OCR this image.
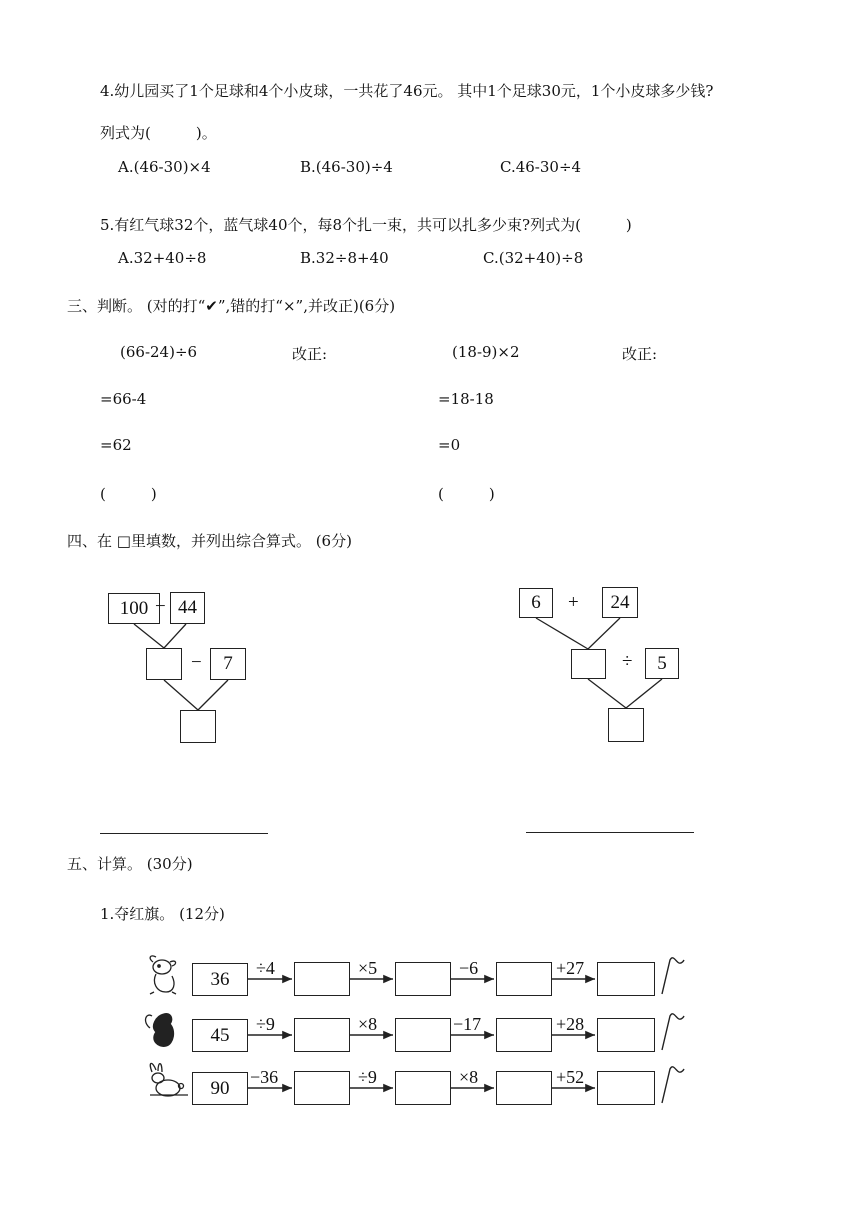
4.幼儿园买了1个足球和4个小皮球，一共花了46元。 其中1个足球30元，1个小皮球多少钱?
列式为(　　　)。
A.(46-30)×4	B.(46-30)÷4	C.46-30÷4
5.有红气球32个，蓝气球40个，每8个扎一束，共可以扎多少束?列式为(　　　)
A.32+40÷8	B.32÷8+40	C.(32+40)÷8
三、判断。 (对的打“✔”,错的打“×”,并改正)(6分)
(66-24)÷6	改正:
=66-4
=62
(　　　)
(18-9)×2	改正:
=18-18
=0
(　　　)
四、在 □里填数，并列出综合算式。 (6分)
100 − 44
−	7
6	+	24
÷	5
五、计算。 (30分)
1.夺红旗。 (12分)
36
÷4	×5	−6	+27
45
÷9	×8	−17	+28
90
−36	÷9	×8	+52
